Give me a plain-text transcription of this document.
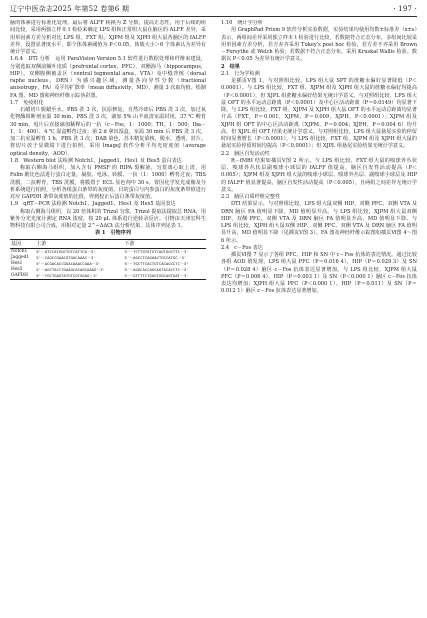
辽宁中医杂志2025 年第52 卷第6 期	· 197 ·

脑的体素进行标准化处理。最后将 ALFF 转换为 Z 分数，提高正态性，用于后续的组间比较。采用两独立样本 t 检验来确定 LPS 组和正常组大鼠在脑区的 ALFF 差异，采用单因素方差分析对比 LPS 组、FXT 组、XJPM 组及 XJPH 组大鼠各脑区的 fALFF 差异，设置显著度水平，即个体体素阈值为 P＜0.05，体簇大小＞6 个体素认为差异有统计学意义。

1.6.4　DTI 分析　运用 ParaVision Version 5.1 软件进行数据处理和纤维束建设，分别选取双侧前额叶皮质（prefrontal cortex，PFC）、双侧海马（hippocampus，HIP）、双侧腹侧被盖区（ventral tegmental area，VTA）及中缝背核（dorsal raphe nucleus，DRN）为感兴趣区域，测量各向异性分数（fractional anisotropy，FA）及平均扩散率（mean diffusivity，MD），测量 3 次取均值。绘制 FA 图、MD 图和神经纤维示踪伪彩图。

1.7　免疫组化

石蜡切片脱蜡至水，PBS 洗 3 次，抗原修复，自然冷却后 PBS 洗 3 次，加过氧化物酶阻断剂室温 30 min，PBS 洗 3 次，滴加 5% 山羊血清室温封闭，37 ℃ 孵育 30 min，甩片后直接滴加稀释后的一抗（c－Fos，1：1000；TH，1：500；Iba－1，1：400），4 ℃ 湿盒孵育过夜；第 2 d 拿出湿盒，室温 30 min 后 PBS 洗 3 次，加二抗室温孵育 1 h，PBS 洗 3 次；DAB 染色，苏木精复染核，脱水，透明，封片。将切片放于显微镜下进行拍照，采用 ImageJ 软件分析平均光密度值（average optical density，AOD）。

1.8　Western blot 法检测 Notch1、Jagged1、Hes1 及 Hes5 蛋白表达

称取右侧海马组织，加入含有 PMSF 的 RIPA 裂解液，匀浆离心取上清，用 Folin 酚比色法进行蛋白定量。凝胶、电泳、转膜、一抗（1：1000）孵育过夜；TBS 洗膜，二抗孵育，TBS 洗膜，将膜置于 ECL 显色剂中 30 s。置因化学发光成像及分析系统进行拍照，分析各组蛋白条带的灰度值。目的蛋白与内参蛋白的灰度条带值进行对应 GAPDH 条带灰度值的比值，得到校正后蛋白条带灰度值。

1.9　qRT－PCR 法检测 Notch1、Jagged1、Hes1 及 Hes5 基因表达

称取右侧海马组织，以 20 倍体积的 Trizol 匀浆，Trizol 提取法提取总 RNA，用紫外分光光度计测定 RNA 浓度，按 20 μL 体系进行逆转录反应。引物由天津宏科生物科技有限公司合成，用相对定量 2^−ΔΔCt 法分析结果，具体序列见表 1。

表 1　引物序列

基因	上游	下游
Notch1	5'－ATCCATGGCTGTCATTCA－3'	5'－TCTTGTGTGTCAGTGGCTTC－3'
Jagged1	5'－CAGCCGAACGTGACAAAC－3'	5'－AGCCTCAGAACTGCCATGC－3'
Hes1	5'－ACGACACCGGACAAACCAAA－3'	5'－TGCTTCACTGTCACAGCCTC－3'
Hes5	5'－AGCTACCTGAAGCACAGCAAAG－3'	5'－AGGCACCAGCAGTACACCTC－3'
GAPDH	5'－TGCTGAGTATGTCGTGGAG－3'	5'－GTCTTCTGAGTGGCAGTGAT－3'

1.10　统计学分析

用 GraphPad Prism 9 软件分析实验数据，实验结果均使用均数±标准差（x±s）表示，两组间差异采用独立样本 t 检验进行比较，若数据符合正态分布，多组间比较采用单因素方差分析，若方差齐采用 Tukey's post hoc 检验，若方差不齐采用 Brown－Forsythe 或 Welch 检验；若数据不符合正态分布，采用 Kruskal Wallis 检验。数据以 P＜0.05 为差异有统计学意义。

2　结果

2.1　行为学检测

见插页Ⅴ图 1。与对照组比较，LPS 组大鼠 SPT 的蔗糖水偏好显著降低（P＜0.0001）。与 LPS 组比较，FXT 组、XJPM 组及 XJPH 组大鼠的蔗糖水偏好均提高（P＜0.0001），但 XJPL 组蔗糖水偏好结果无统计学意义。与对照组比较，LPS 组大鼠 OFT 的水平运动总距离（P＜0.0001）及中心区活动距离（P＝0.0149）均显著下降。与 LPS 组比较，FXT 组、XJPM 及 XJPH 组大鼠 OFT 的水平运动总距离均显著升高（FXT，P＝0.001，XJPM，P＝0.009，XJPH，P＜0.0001）；XJPM 组及 XJPH 组 OFT 的中心区活动距离（XJPM，P＝0.004；XJPH，P＝0.004 6）均升高，但 XJPL 组 OFT 结果无统计学意义。与对照组比较，LPS 组大鼠悬尾实验的停留时间显著增长（P＜0.0001）。与 LPS 组比较，FXT 组、XJPM 组及 XJPH 组大鼠的悬尾实验停留时间均提高（P＜0.0001）；但 XJPL 组悬尾实验结果无统计学意义。

2.2　脑区自发活动性

R－fMRI 结果如插页Ⅴ图 2 所示。与 LPS 组比较，FXT 组大鼠的嗅球外丛状层、嗅球外丛状层副嗅球小球层的 fALFF 值提高，脑区自发性活动提高（P＜0.005）；XJPM 组及 XJPH 组大鼠的嗅球小球层、嗅球外丛层、副嗅球小球层及 HIP 的 fALFF 值显著提高，脑区自发性活动提高（P＜0.005），且两组之间差异无统计学意义。

2.3　脑区白质纤维完整性

DTI 结果显示，与对照组比较，LPS 组大鼠双侧 HIP、双侧 PFC、双侧 VTA 及 DRN 脑区 FA 值明显下降，MD 值明显升高。与 LPS 组比较，XJPM 组大鼠双侧 HIP、双侧 PFC、双侧 VTA 及 DRN 脑区 FA 值明显升高，MD 值明显下降。与 LPS 组比较，XJPH 组大鼠双侧 HIP、双侧 PFC、双侧 VTA 及 DRN 脑区 FA 值明显升高，MD 值明显下降（见插页Ⅴ图 3）。FA 图及神经纤维示踪图如插页Ⅵ图 4～图 6 所示。

2.4　c－Fos 表达

插页Ⅵ图 7 显示了各组 PFC、HIP 和 SN 中 c－Fos 抗体的表达情况。通过比较各组 AOD 值发现，LPS 组大鼠 PFC（P＝0.016 4）、HIP（P＝0.029 3）及 SN（P＝0.028 4）脑区 c－Fos 抗体表达显著增加。与 LPS 组比较，XJPM 组大鼠 PFC（P＝0.006 4）、HIP（P＝0.003 1）及 SN（P＜0.000 1）脑区 c－Fos 抗体表达均增加；XJPH 组大鼠 PFC（P＜0.000 1）、HIP（P＝0.011）及 SN（P＝0.012 1）脑区 c－Fos 抗体表达显著增加。
